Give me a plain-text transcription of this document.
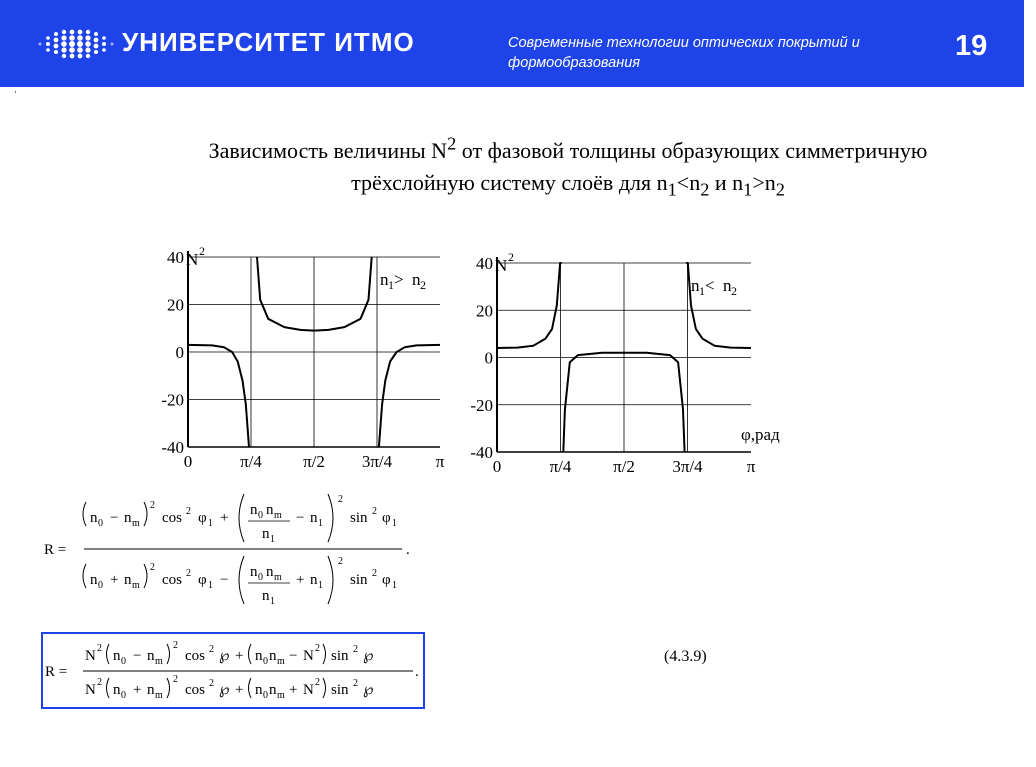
УНИВЕРСИТЕТ ИТМО	Современные технологии оптических покрытий и
формообразования
19
,
Зависимость величины $N^2$ от фазовой толщины образующих симметричную
трёхслойную систему слоёв для $n_1<n_2$ и $n_1>n_2$
40
20
0
-20
-40
0	π/4 π/2 3π/4	π
N 2
n 1 > n 2
40
20
0
-20
-40
0	π/4 π/2 3π/4	π
N 2
φ,рад
n 1 < n 2
R =	.
n 0 − n m
2
cos 2 φ 1 + n 0 n m
n 1
− n 1
2
sin 2 φ 1
n 0 + n m
2
cos 2 φ 1 − n 0 n m
n 1
+ n 1
2
sin 2 φ 1
R =	.
N 2 n 0 − n m
2
cos 2 ℘ + n 0 n m − N 2 sin 2 ℘
N 2 n 0 + n m
2
cos 2 ℘ + n 0 n m + N 2 sin 2 ℘
(4.3.9)
